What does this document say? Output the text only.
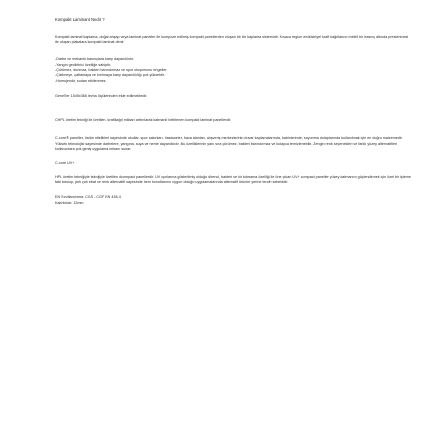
Kompakt Laminant Nedir ?

Kompakt laminat kaplama, doğal ahşap veya laminat paneller ile kompoze edilmiş kompakt panellerden oluşan bir tür kaplama sistemidir. Kısaca region endüstriyel kraft kağıtlarının belirli bir basınç altında preslenmesi ile oluşan plakalara kompakt laminat denir.

-Darbe ve mekanik basınçlara karşı dayanıklıdır.
-Yangın geciktirici özelliğe sahiptir.
-Çürümez, donmaz, bakteri barındırmaz ve spor oluşumunu engeller.
-Çizilmeye, çatlamaya ve kırılmaya karşı dayanıklılığı çok yüksektir.
-Homojendir, sudan etkilenmez.

Genel'ler 1545x366 levha ölçülerinden elde edilmektedir.

CHPL üretim tekniği ile üretilen, kraftkağıt miktarı arttırılarak katmanlı belirlenen kompakt laminat panellerdir.

C-core® paneller, üstün nitelikleri sayesinde okullar, spor salonları, hastaneler, hava alanları, alışveriş merkezlerinin duvar kaplamalarında, kabinlerinde, soyunma dolaplarında kullanılmak için en doğru malzemedir. Yüksek teknolojisi sayesinde darbelere, yangına, suya ve neme dayanıklıdır. Bu özelliklerinin yanı sıra çürümez, bakteri barındırmaz ve kolayca temizlenebilir. Zengin renk seçenekleri ve farklı yüzey alternatifleri kullanıcılara çok geniş uygulama imkanı sunar.

C-core UV+

HPL üretim tekniğiyle teknijiyle üretilen dcompact panellerdir. UV ışınlarına gösterilmiş olduğu direnci, bakteri ve kir tutmama özelliği ile öne çıkan UV+ compact paneller yüzey katmanını güçlendirmek için özel bir işleme tabi tutulup, pek çok ebat ve renk alternatifi sayesinde hem konutlarının uygun olduğu uygulamalarında alternatif ürünler yerine tercih sebebidir.

EN Sınıflandırma: CGS - CGF EN 438-4

Kalınlıklar: 12mm
